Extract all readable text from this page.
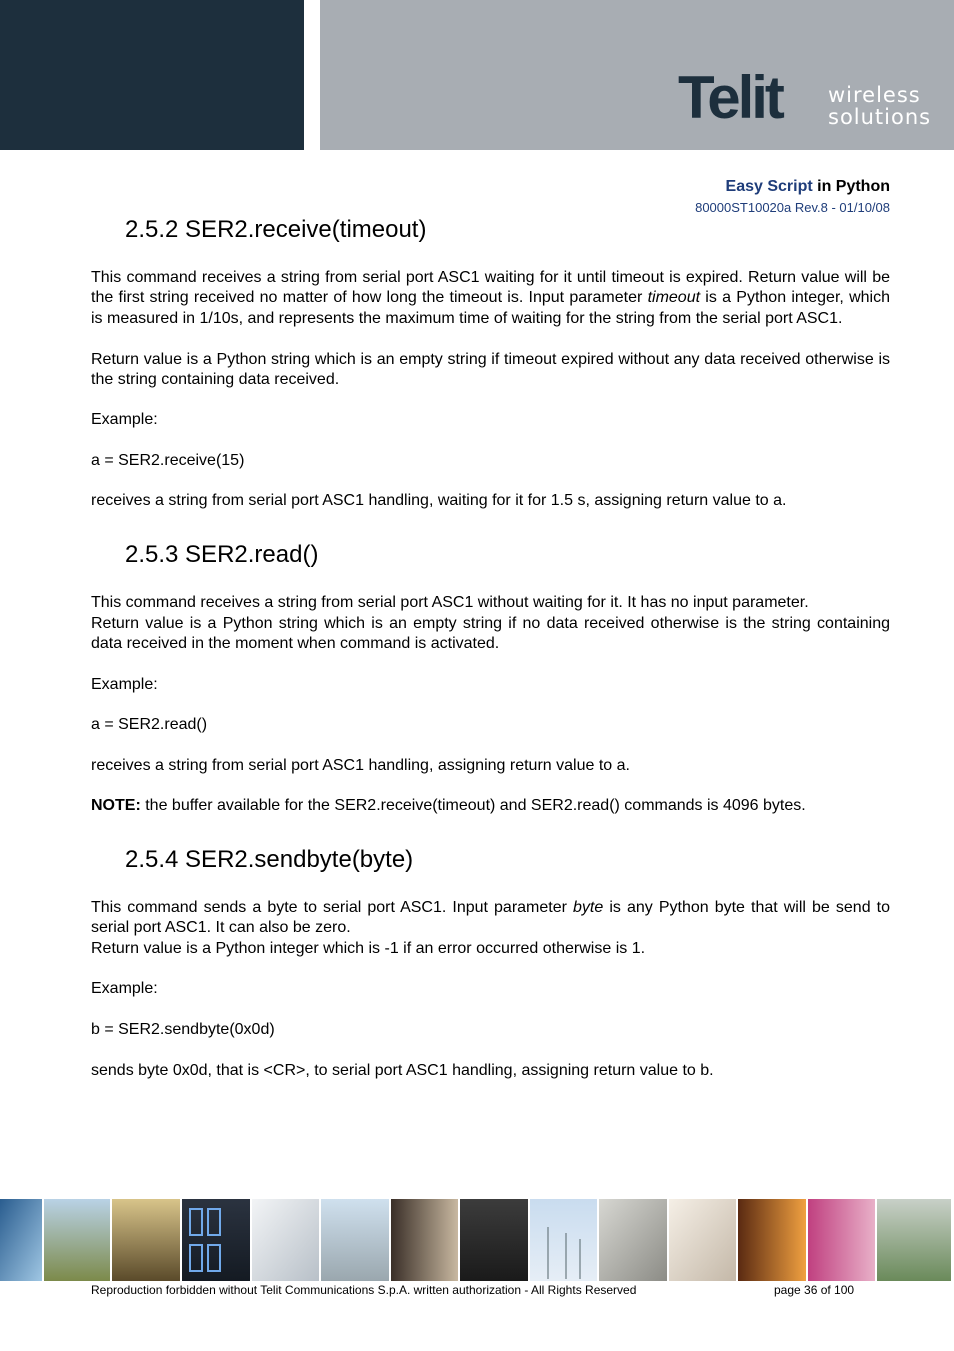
Telit wireless
solutions
Easy Script in Python
80000ST10020a Rev.8 - 01/10/08
2.5.2 SER2.receive(timeout)

This command receives a string from serial port ASC1 waiting for it until timeout is expired. Return value will be the first string received no matter of how long the timeout is. Input parameter timeout is a Python integer, which is measured in 1/10s, and represents the maximum time of waiting for the string from the serial port ASC1.

Return value is a Python string which is an empty string if timeout expired without any data received otherwise is the string containing data received.

Example:

a = SER2.receive(15)

receives a string from serial port ASC1 handling, waiting for it for 1.5 s, assigning return value to a.

2.5.3 SER2.read()

This command receives a string from serial port ASC1 without waiting for it. It has no input parameter.

Return value is a Python string which is an empty string if no data received otherwise is the string containing data received in the moment when command is activated.

Example:

a = SER2.read()

receives a string from serial port ASC1 handling, assigning return value to a.

NOTE: the buffer available for the SER2.receive(timeout) and SER2.read() commands is 4096 bytes.

2.5.4 SER2.sendbyte(byte)

This command sends a byte to serial port ASC1. Input parameter byte is any Python byte that will be send to serial port ASC1. It can also be zero.

Return value is a Python integer which is -1 if an error occurred otherwise is 1.

Example:

b = SER2.sendbyte(0x0d)

sends byte 0x0d, that is <CR>, to serial port ASC1 handling, assigning return value to b.

Reproduction forbidden without Telit Communications S.p.A. written authorization - All Rights Reserved	page 36 of 100
